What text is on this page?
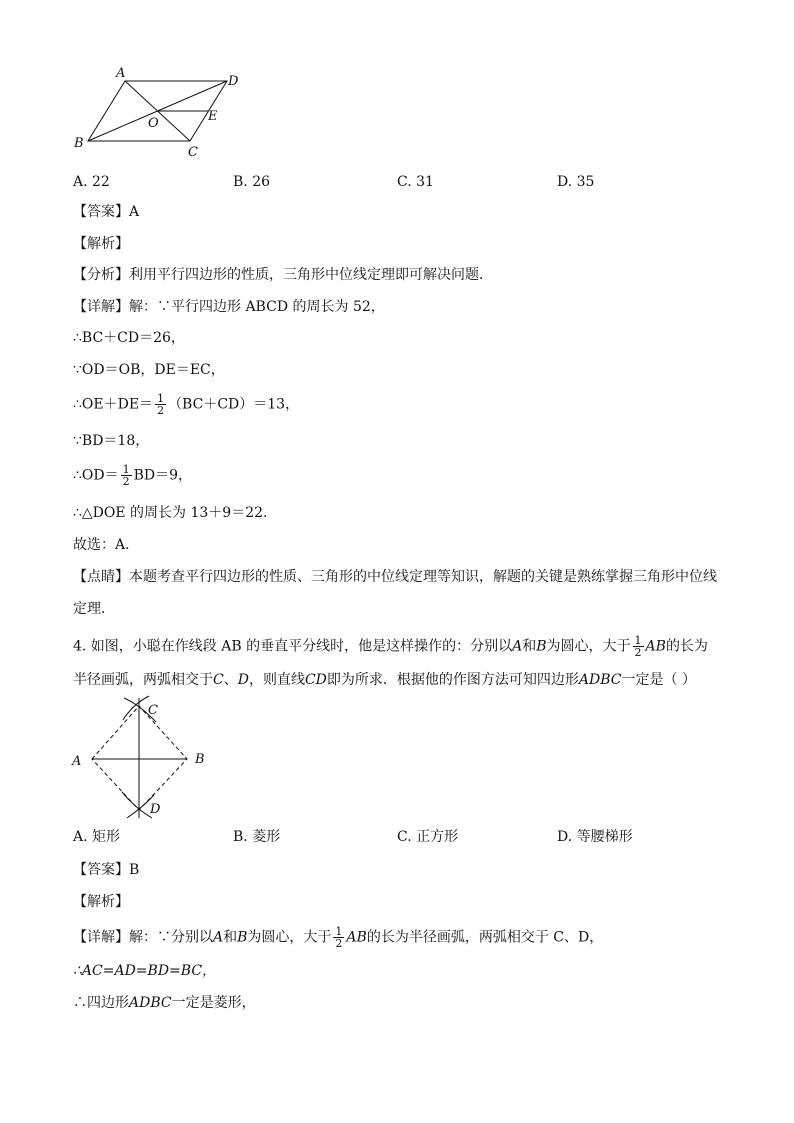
A
D
O	E
B
C
A. 22	B. 26	C. 31	D. 35
【答案】A
【解析】
【分析】利用平行四边形的性质，三角形中位线定理即可解决问题．
【详解】解：∵平行四边形 ABCD 的周长为 52，
∴BC＋CD＝26，
∵OD＝OB，DE＝EC，
∴OE＋DE＝ $\frac{1}{2} (BC+CD)=13$，
∵BD＝18，
∴OD＝ $\frac{1}{2} BD=9$，
∴△DOE 的周长为 13＋9＝22.
故选：A．
【点睛】本题考查平行四边形的性质、三角形的中位线定理等知识，解题的关键是熟练掌握三角形中位线
定理．
4. 如图，小聪在作线段 AB 的垂直平分线时，他是这样操作的：分别以A和B为圆心，大于 $\frac{1}{2}$ AB的长为
半径画弧，两弧相交于C、D，则直线CD即为所求．根据他的作图方法可知四边形ADBC一定是（ ）
C
A	B
D
A. 矩形	B. 菱形	C. 正方形	D. 等腰梯形
【答案】B
【解析】
【详解】解：∵分别以A和B为圆心，大于 $\frac{1}{2}$ AB的长为半径画弧，两弧相交于 C、D，
∴AC=AD=BD=BC，
∴四边形ADBC一定是菱形，
